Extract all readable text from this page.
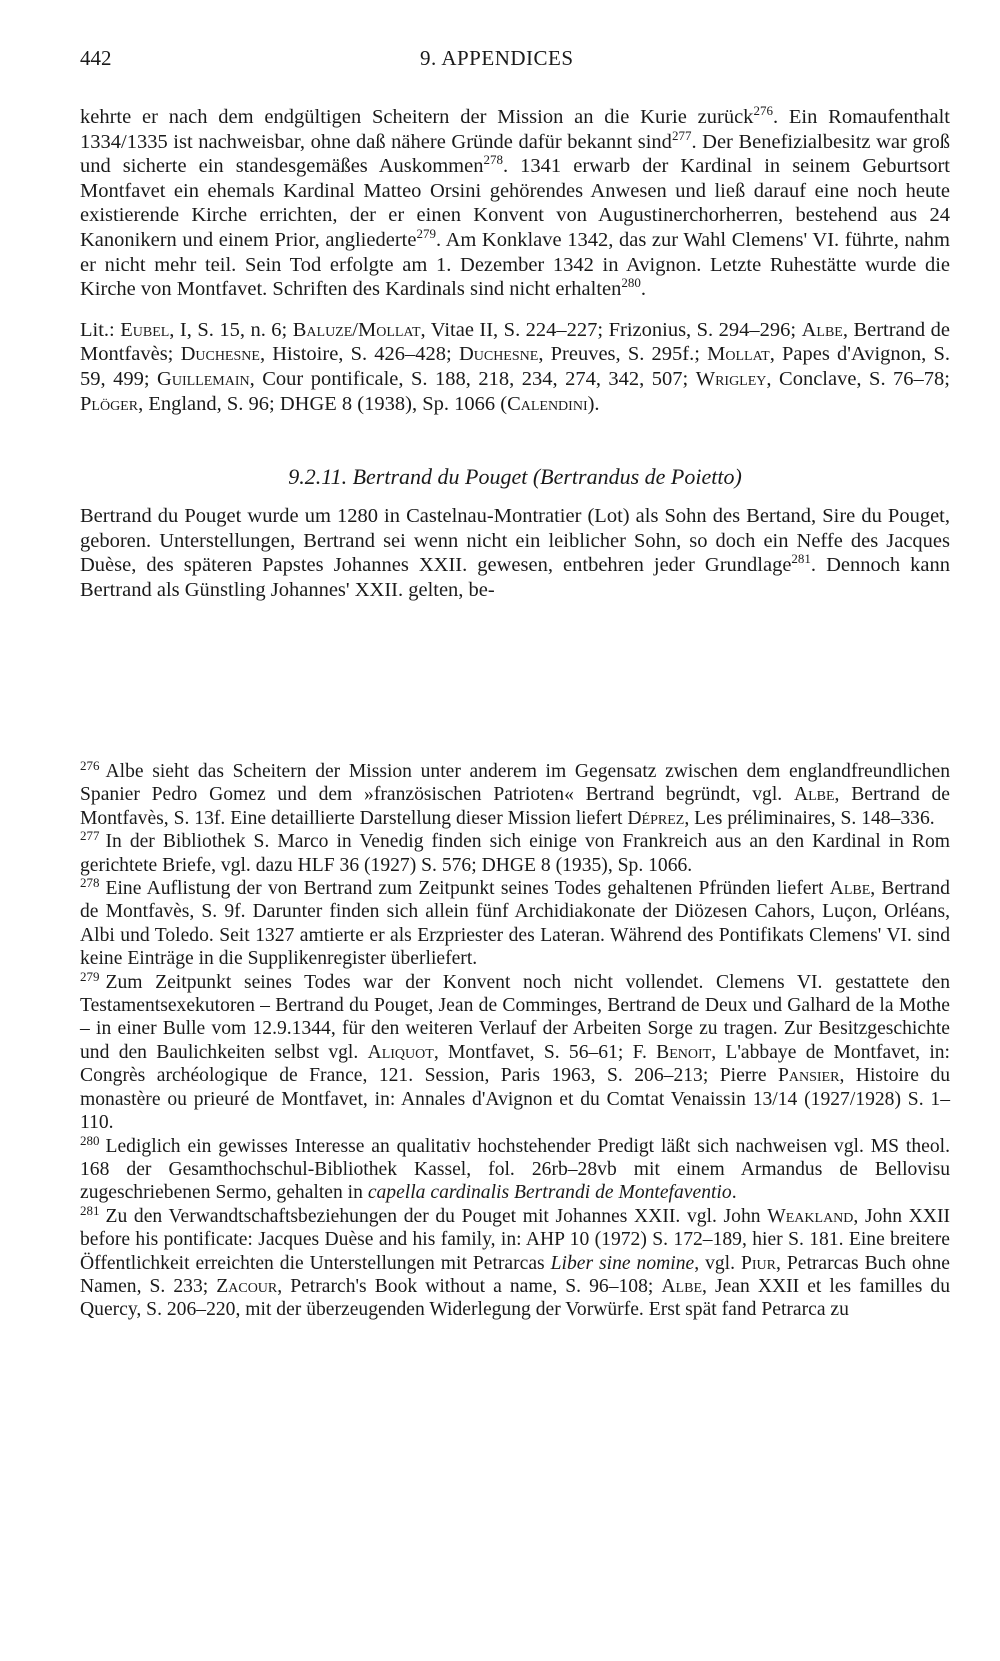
442	9. APPENDICES

kehrte er nach dem endgültigen Scheitern der Mission an die Kurie zurück$^{276}$. Ein Romaufenthalt 1334/1335 ist nachweisbar, ohne daß nähere Gründe dafür bekannt sind$^{277}$. Der Benefizialbesitz war groß und sicherte ein standesgemäßes Auskommen$^{278}$. 1341 erwarb der Kardinal in seinem Geburtsort Montfavet ein ehemals Kardinal Matteo Orsini gehörendes Anwesen und ließ darauf eine noch heute existierende Kirche errichten, der er einen Konvent von Augustinerchorherren, bestehend aus 24 Kanonikern und einem Prior, angliederte$^{279}$. Am Konklave 1342, das zur Wahl Clemens' VI. führte, nahm er nicht mehr teil. Sein Tod erfolgte am 1. Dezember 1342 in Avignon. Letzte Ruhestätte wurde die Kirche von Montfavet. Schriften des Kardinals sind nicht erhalten$^{280}$.

Lit.: Eubel, I, S. 15, n. 6; Baluze/Mollat, Vitae II, S. 224–227; Frizonius, S. 294–296; Albe, Bertrand de Montfavès; Duchesne, Histoire, S. 426–428; Duchesne, Preuves, S. 295f.; Mollat, Papes d'Avignon, S. 59, 499; Guillemain, Cour pontificale, S. 188, 218, 234, 274, 342, 507; Wrigley, Conclave, S. 76–78; Plöger, England, S. 96; DHGE 8 (1938), Sp. 1066 (Calendini).

9.2.11. Bertrand du Pouget (Bertrandus de Poietto)

Bertrand du Pouget wurde um 1280 in Castelnau-Montratier (Lot) als Sohn des Bertand, Sire du Pouget, geboren. Unterstellungen, Bertrand sei wenn nicht ein leiblicher Sohn, so doch ein Neffe des Jacques Duèse, des späteren Papstes Johannes XXII. gewesen, entbehren jeder Grundlage$^{281}$. Dennoch kann Bertrand als Günstling Johannes' XXII. gelten, be-

$^{276}$ Albe sieht das Scheitern der Mission unter anderem im Gegensatz zwischen dem englandfreundlichen Spanier Pedro Gomez und dem »französischen Patrioten« Bertrand begründt, vgl. Albe, Bertrand de Montfavès, S. 13f. Eine detaillierte Darstellung dieser Mission liefert Déprez, Les préliminaires, S. 148–336.

$^{277}$ In der Bibliothek S. Marco in Venedig finden sich einige von Frankreich aus an den Kardinal in Rom gerichtete Briefe, vgl. dazu HLF 36 (1927) S. 576; DHGE 8 (1935), Sp. 1066.

$^{278}$ Eine Auflistung der von Bertrand zum Zeitpunkt seines Todes gehaltenen Pfründen liefert Albe, Bertrand de Montfavès, S. 9f. Darunter finden sich allein fünf Archidiakonate der Diözesen Cahors, Luçon, Orléans, Albi und Toledo. Seit 1327 amtierte er als Erzpriester des Lateran. Während des Pontifikats Clemens' VI. sind keine Einträge in die Supplikenregister überliefert.

$^{279}$ Zum Zeitpunkt seines Todes war der Konvent noch nicht vollendet. Clemens VI. gestattete den Testamentsexekutoren – Bertrand du Pouget, Jean de Comminges, Bertrand de Deux und Galhard de la Mothe – in einer Bulle vom 12.9.1344, für den weiteren Verlauf der Arbeiten Sorge zu tragen. Zur Besitzgeschichte und den Baulichkeiten selbst vgl. Aliquot, Montfavet, S. 56–61; F. Benoit, L'abbaye de Montfavet, in: Congrès archéologique de France, 121. Session, Paris 1963, S. 206–213; Pierre Pansier, Histoire du monastère ou prieuré de Montfavet, in: Annales d'Avignon et du Comtat Venaissin 13/14 (1927/1928) S. 1–110.

$^{280}$ Lediglich ein gewisses Interesse an qualitativ hochstehender Predigt läßt sich nachweisen vgl. MS theol. 168 der Gesamthochschul-Bibliothek Kassel, fol. 26rb–28vb mit einem Armandus de Bellovisu zugeschriebenen Sermo, gehalten in capella cardinalis Bertrandi de Montefaventio.

$^{281}$ Zu den Verwandtschaftsbeziehungen der du Pouget mit Johannes XXII. vgl. John Weakland, John XXII before his pontificate: Jacques Duèse and his family, in: AHP 10 (1972) S. 172–189, hier S. 181. Eine breitere Öffentlichkeit erreichten die Unterstellungen mit Petrarcas Liber sine nomine, vgl. Piur, Petrarcas Buch ohne Namen, S. 233; Zacour, Petrarch's Book without a name, S. 96–108; Albe, Jean XXII et les familles du Quercy, S. 206–220, mit der überzeugenden Widerlegung der Vorwürfe. Erst spät fand Petrarca zu
